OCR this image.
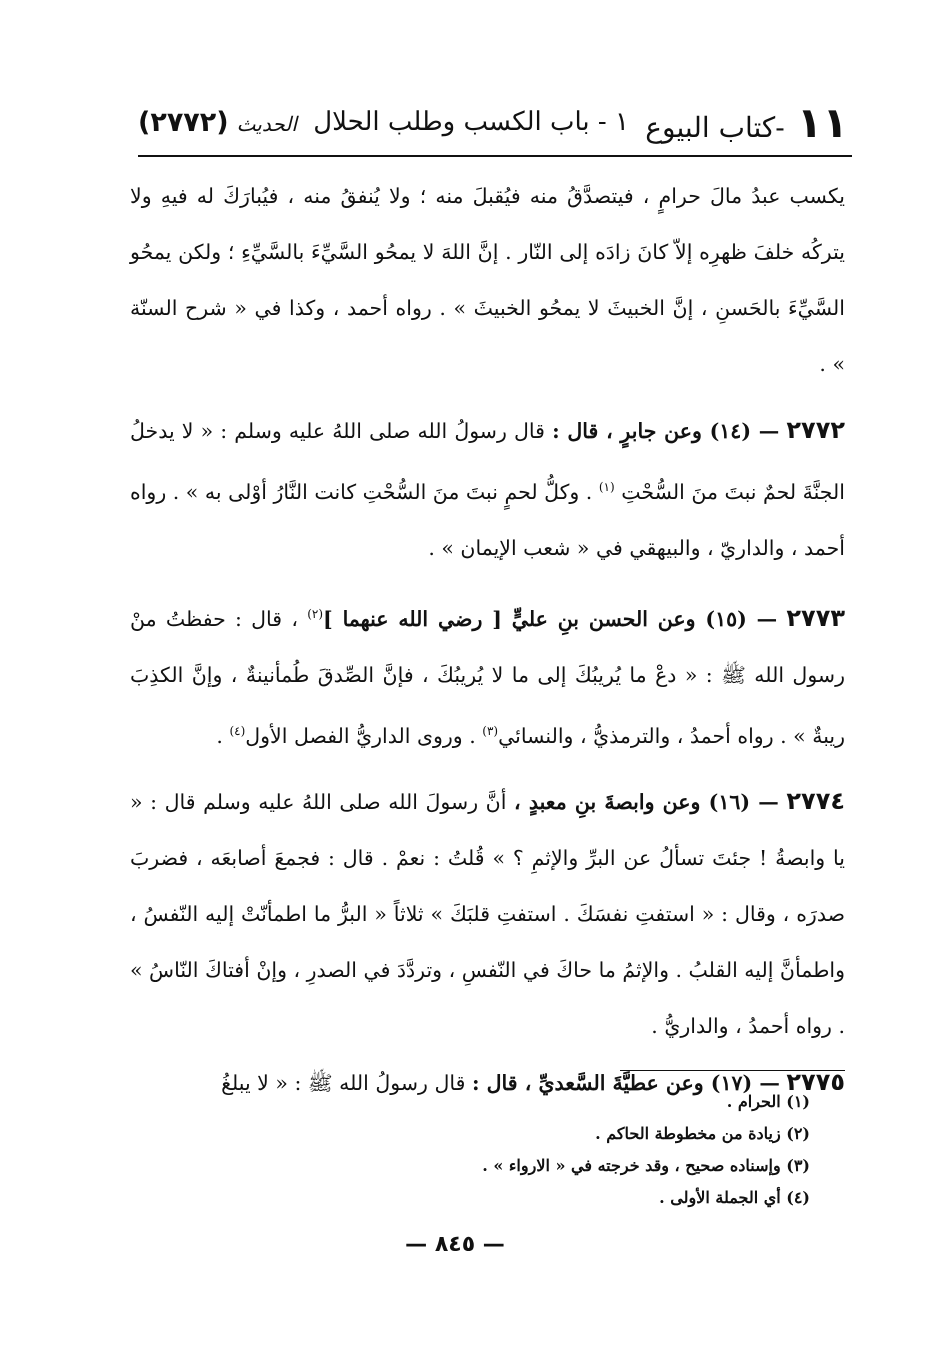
١١
-كتاب البيوع
١ - باب الكسب وطلب الحلال
الحديث
(٢٧٧٢)

يكسب عبدُ مالَ حرامٍ ، فيتصدَّقُ منه فيُقبلَ منه ؛ ولا يُنفقُ منه ، فيُبارَكَ له فيهِ ولا يتركُه خلفَ ظهرِه إلاّ كانَ زادَه إلى النّار . إنَّ اللهَ لا يمحُو السَّيِّءَ بالسَّيِّءِ ؛ ولكن يمحُو السَّيِّءَ بالحَسنِ ، إنَّ الخبيثَ لا يمحُو الخبيثَ » . رواه أحمد ، وكذا في « شرح السنّة » .

٢٧٧٢ — (١٤) وعن جابرٍ ، قال : قال رسولُ الله صلى اللهُ عليه وسلم : « لا يدخلُ الجنَّةَ لحمٌ نبتَ منَ السُّحْتِ $^{(١)}$ . وكلُّ لحمٍ نبتَ منَ السُّحْتِ كانت النَّارُ أوْلى به » . رواه أحمد ، والداريّ ، والبيهقي في « شعب الإيمان » .

٢٧٧٣ — (١٥) وعن الحسن بنِ عليٍّ [ رضي الله عنهما ]$^{(٢)}$ ، قال : حفظتُ منْ رسول الله ﷺ : « دعْ ما يُريبُكَ إلى ما لا يُريبُكَ ، فإنَّ الصِّدقَ طُمأنينةٌ ، وإنَّ الكذِبَ ريبةٌ » . رواه أحمدُ ، والترمذيُّ ، والنسائي$^{(٣)}$ . وروى الداريُّ الفصل الأول$^{(٤)}$ .

٢٧٧٤ — (١٦) وعن وابصةَ بنِ معبدٍ ، أنَّ رسولَ الله صلى اللهُ عليه وسلم قال : « يا وابصةُ ! جئتَ تسألُ عن البرِّ والإثمِ ؟ » قُلتُ : نعمْ . قال : فجمعَ أصابعَه ، فضربَ صدرَه ، وقال : « استفتِ نفسَكَ . استفتِ قلبَكَ » ثلاثاً « البرُّ ما اطمأنّتْ إليه النّفسُ ، واطمأنَّ إليه القلبُ . والإثمُ ما حاكَ في النّفسِ ، وتردَّدَ في الصدرِ ، وإنْ أفتاكَ النّاسُ » . رواه أحمدُ ، والداريُّ .

٢٧٧٥ — (١٧) وعن عطيَّةَ السَّعديِّ ، قال : قال رسولُ الله ﷺ : « لا يبلغُ

(١) الحرام .
(٢) زيادة من مخطوطة الحاكم .
(٣) وإسناده صحيح ، وقد خرجته في « الارواء » .
(٤) أي الجملة الأولى .
— ٨٤٥ —
